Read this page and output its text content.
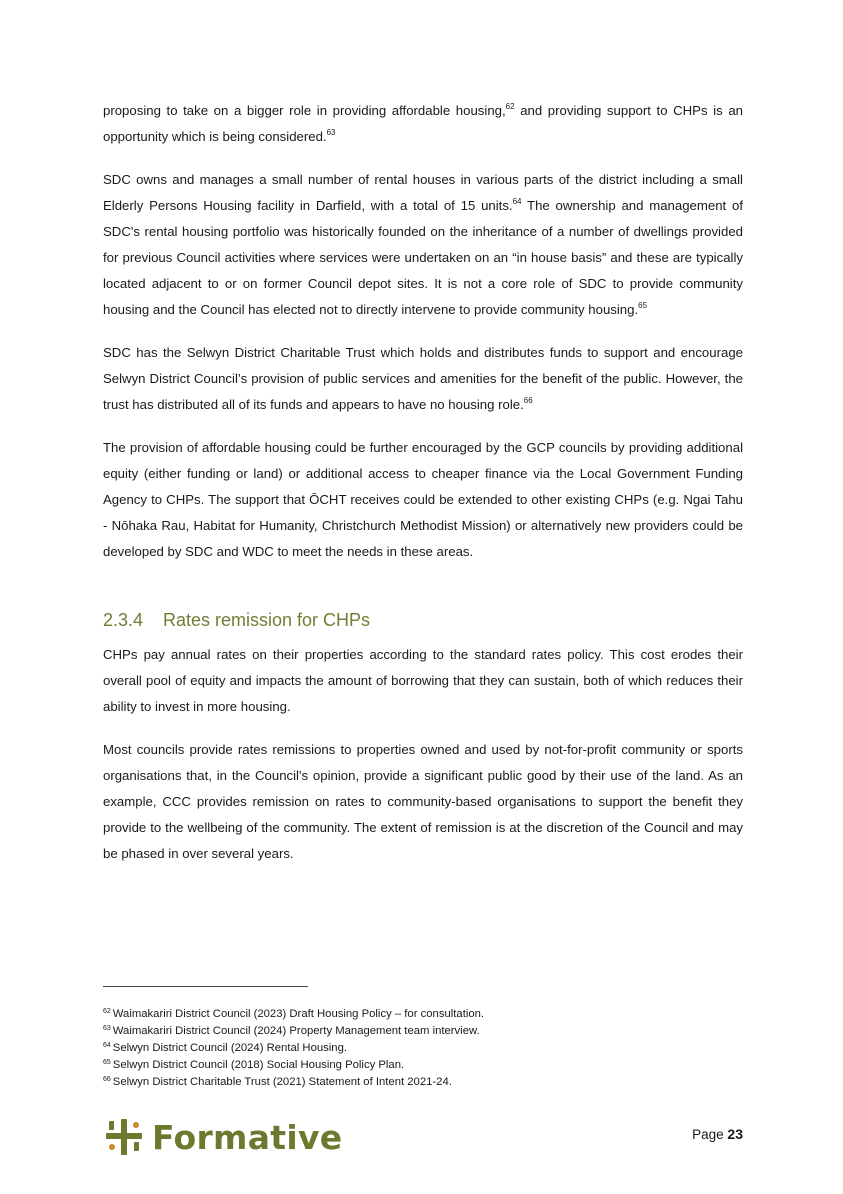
proposing to take on a bigger role in providing affordable housing,$^{62}$ and providing support to CHPs is an opportunity which is being considered.$^{63}$

SDC owns and manages a small number of rental houses in various parts of the district including a small Elderly Persons Housing facility in Darfield, with a total of 15 units.$^{64}$ The ownership and management of SDC's rental housing portfolio was historically founded on the inheritance of a number of dwellings provided for previous Council activities where services were undertaken on an “in house basis” and these are typically located adjacent to or on former Council depot sites. It is not a core role of SDC to provide community housing and the Council has elected not to directly intervene to provide community housing.$^{65}$

SDC has the Selwyn District Charitable Trust which holds and distributes funds to support and encourage Selwyn District Council’s provision of public services and amenities for the benefit of the public. However, the trust has distributed all of its funds and appears to have no housing role.$^{66}$

The provision of affordable housing could be further encouraged by the GCP councils by providing additional equity (either funding or land) or additional access to cheaper finance via the Local Government Funding Agency to CHPs. The support that ŌCHT receives could be extended to other existing CHPs (e.g. Ngai Tahu - Nōhaka Rau, Habitat for Humanity, Christchurch Methodist Mission) or alternatively new providers could be developed by SDC and WDC to meet the needs in these areas.

2.3.4 Rates remission for CHPs

CHPs pay annual rates on their properties according to the standard rates policy. This cost erodes their overall pool of equity and impacts the amount of borrowing that they can sustain, both of which reduces their ability to invest in more housing.

Most councils provide rates remissions to properties owned and used by not-for-profit community or sports organisations that, in the Council's opinion, provide a significant public good by their use of the land. As an example, CCC provides remission on rates to community-based organisations to support the benefit they provide to the wellbeing of the community. The extent of remission is at the discretion of the Council and may be phased in over several years.

$^{62}$ Waimakariri District Council (2023) Draft Housing Policy – for consultation.

$^{63}$ Waimakariri District Council (2024) Property Management team interview.

$^{64}$ Selwyn District Council (2024) Rental Housing.

$^{65}$ Selwyn District Council (2018) Social Housing Policy Plan.

$^{66}$ Selwyn District Charitable Trust (2021) Statement of Intent 2021-24.

Formative	Page 23
